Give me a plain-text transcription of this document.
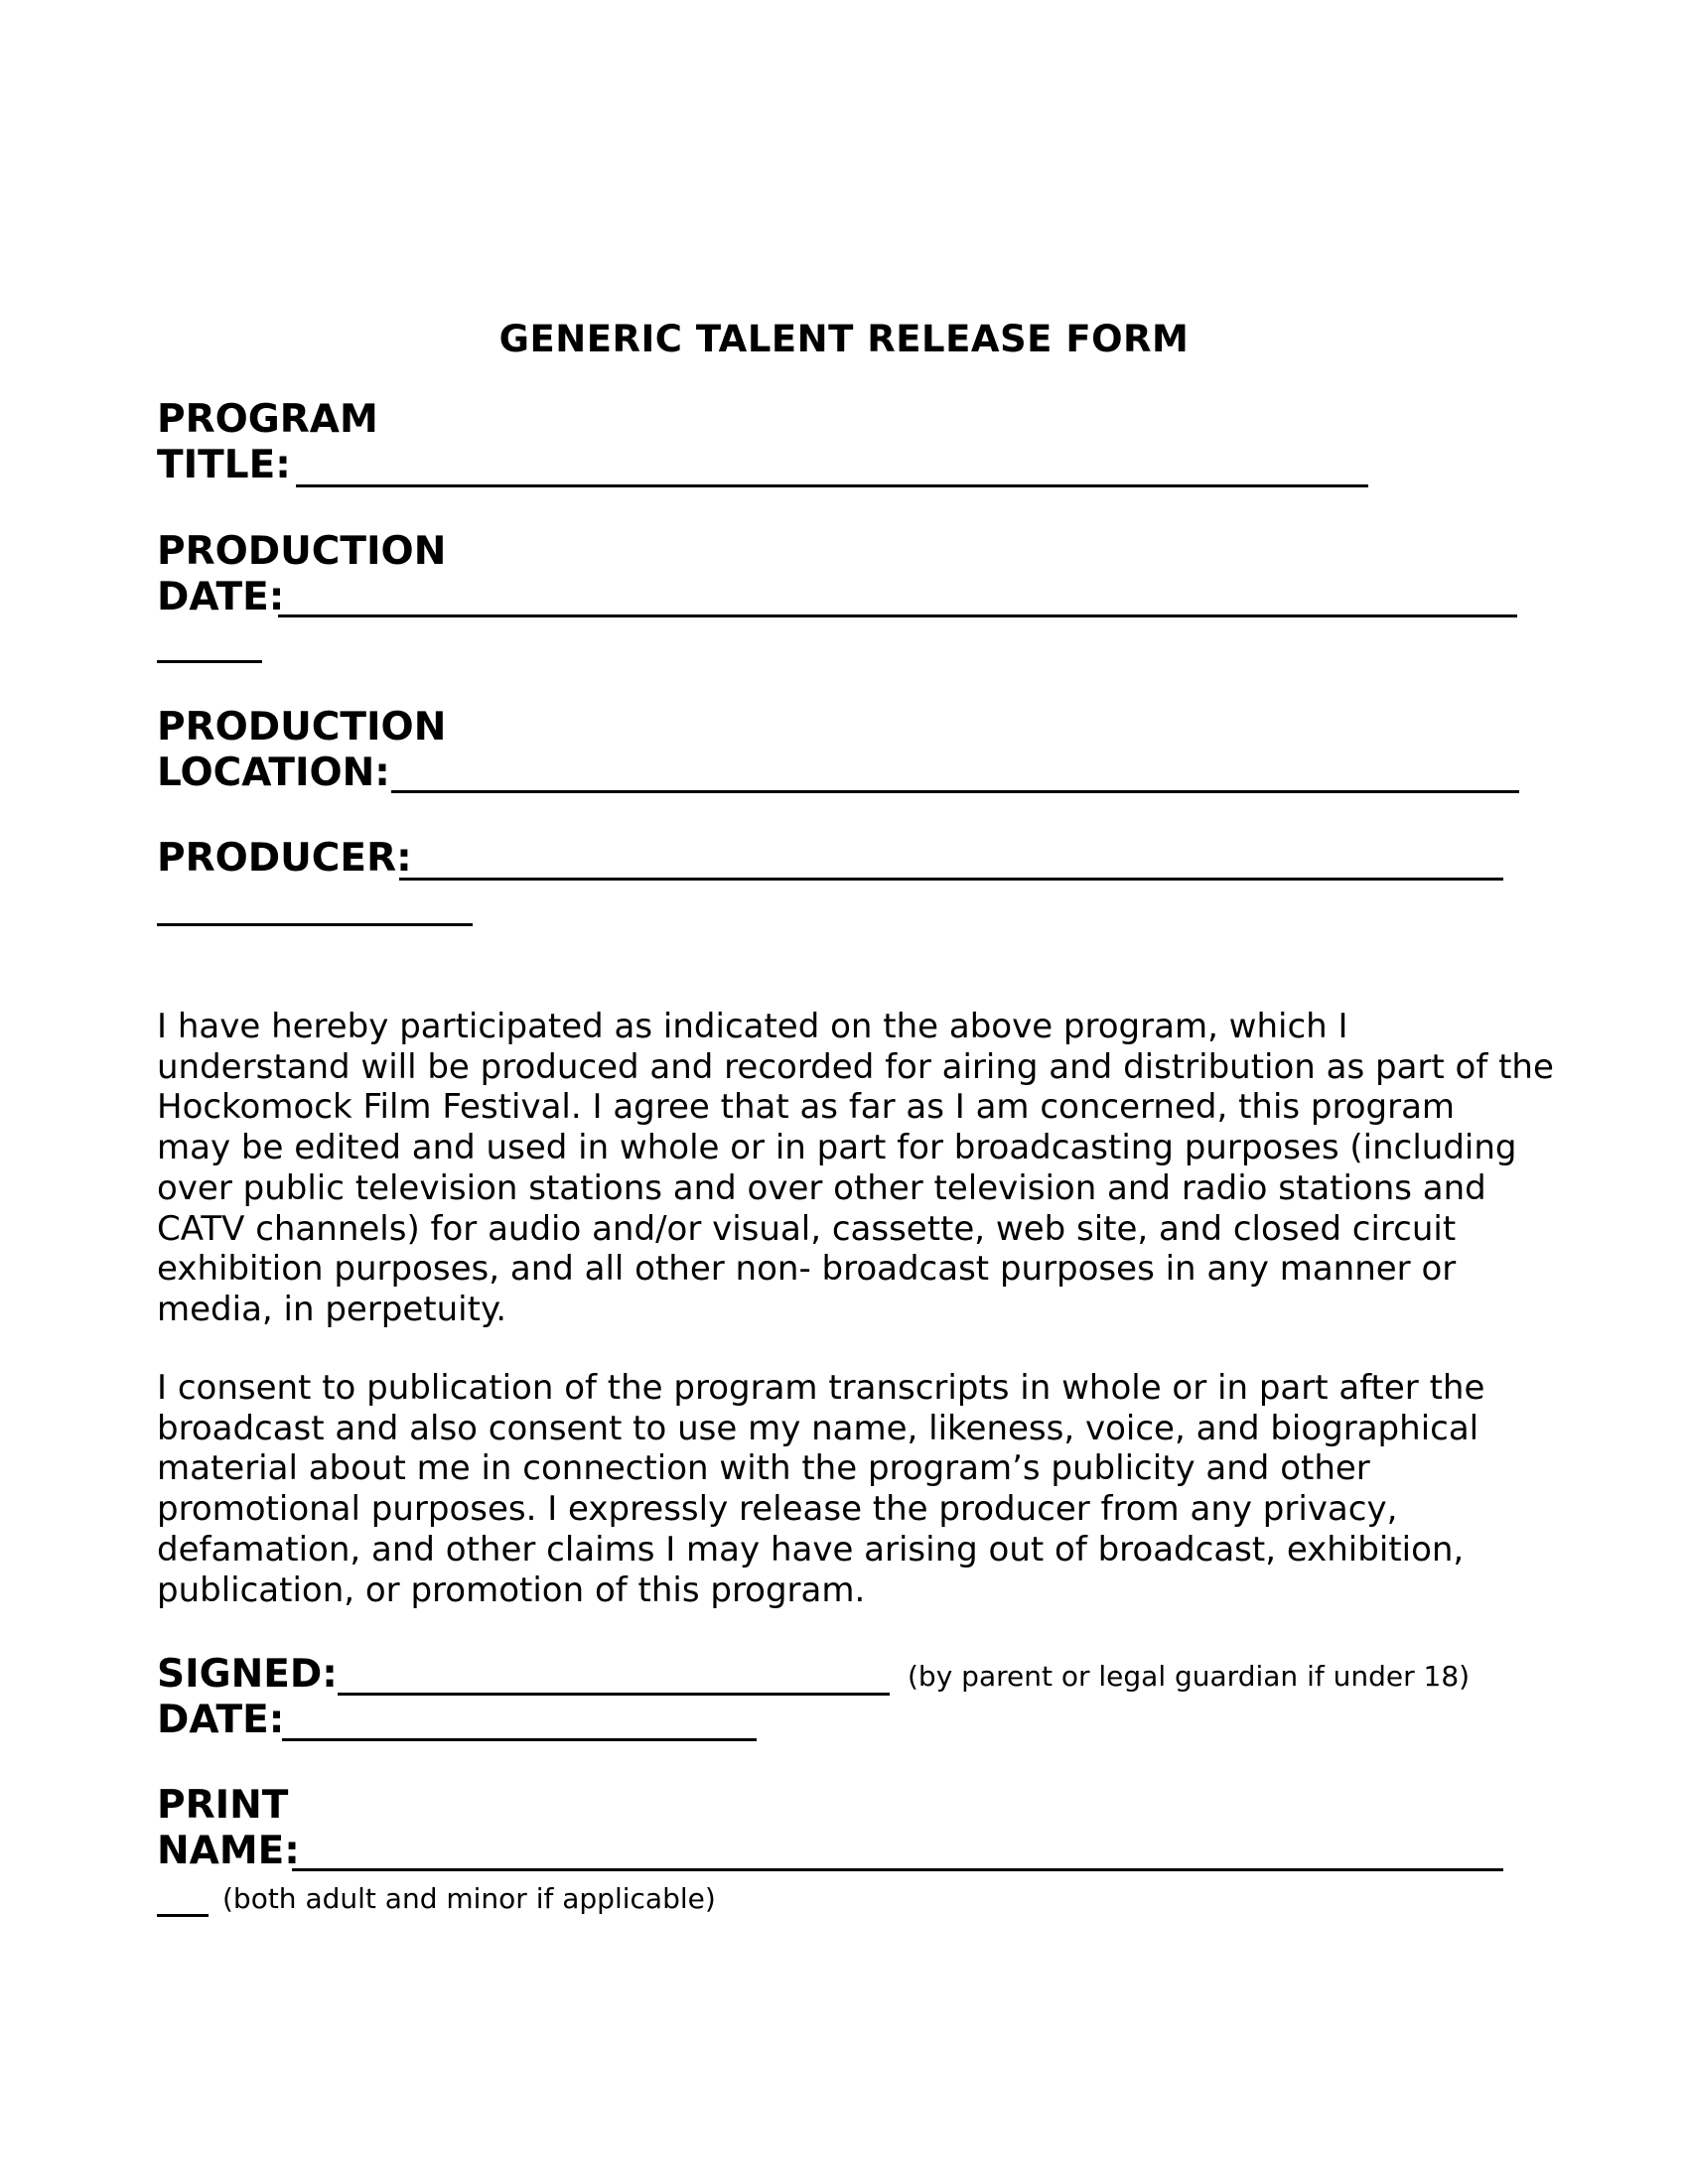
GENERIC TALENT RELEASE FORM
PROGRAM
TITLE:
PRODUCTION
DATE:
PRODUCTION
LOCATION:
PRODUCER:
I have hereby participated as indicated on the above program, which I
understand will be produced and recorded for airing and distribution as part of the
Hockomock Film Festival. I agree that as far as I am concerned, this program
may be edited and used in whole or in part for broadcasting purposes (including
over public television stations and over other television and radio stations and
CATV channels) for audio and/or visual, cassette, web site, and closed circuit
exhibition purposes, and all other non- broadcast purposes in any manner or
media, in perpetuity.
I consent to publication of the program transcripts in whole or in part after the
broadcast and also consent to use my name, likeness, voice, and biographical
material about me in connection with the program’s publicity and other
promotional purposes. I expressly release the producer from any privacy,
defamation, and other claims I may have arising out of broadcast, exhibition,
publication, or promotion of this program.
SIGNED:	(by parent or legal guardian if under 18)
DATE:
PRINT
NAME:
(both adult and minor if applicable)
